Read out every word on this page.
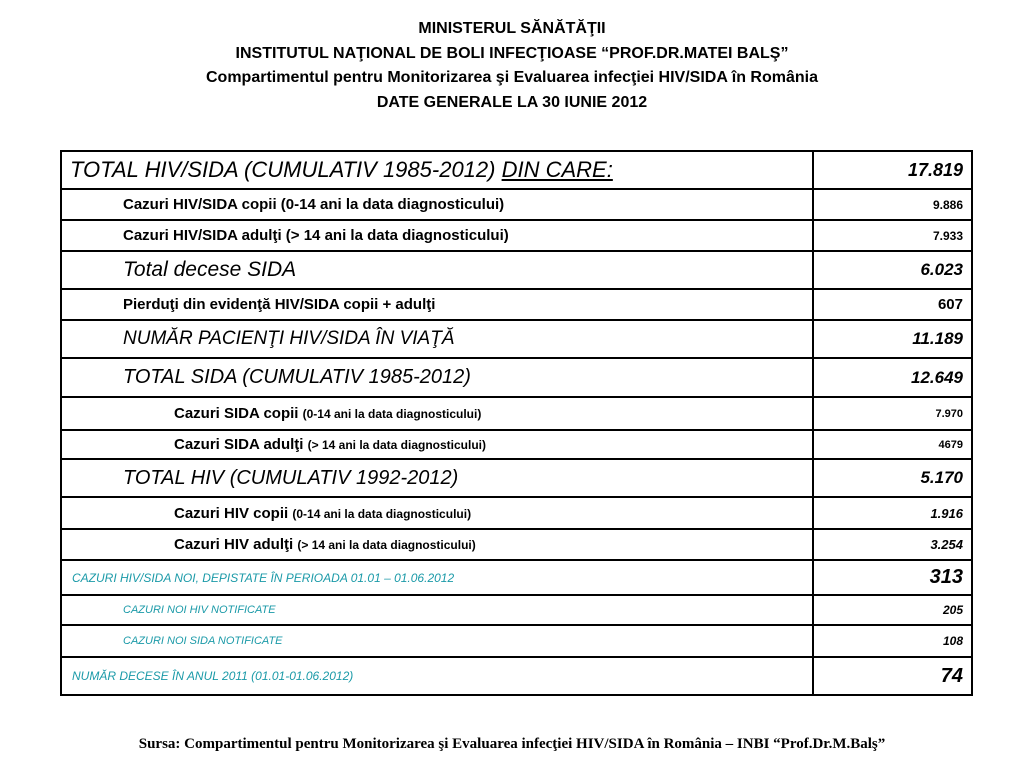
MINISTERUL SĂNĂTĂŢII
INSTITUTUL NAŢIONAL DE BOLI INFECŢIOASE “PROF.DR.MATEI BALŞ”
Compartimentul pentru Monitorizarea şi Evaluarea infecţiei HIV/SIDA în România
DATE GENERALE LA 30 IUNIE 2012
TOTAL HIV/SIDA (CUMULATIV 1985-2012) DIN CARE:	17.819
Cazuri HIV/SIDA copii (0-14 ani la data diagnosticului)	9.886
Cazuri HIV/SIDA adulţi (> 14 ani la data diagnosticului)	7.933
Total decese SIDA	6.023
Pierduţi din evidenţă HIV/SIDA copii + adulţi	607
NUMĂR PACIENŢI HIV/SIDA ÎN VIAŢĂ	11.189
TOTAL SIDA (CUMULATIV 1985-2012)	12.649
Cazuri SIDA copii (0-14 ani la data diagnosticului)	7.970
Cazuri SIDA adulţi (> 14 ani la data diagnosticului)	4679
TOTAL HIV (CUMULATIV 1992-2012)	5.170
Cazuri HIV copii (0-14 ani la data diagnosticului)	1.916
Cazuri HIV adulţi (> 14 ani la data diagnosticului)	3.254
CAZURI HIV/SIDA NOI, DEPISTATE ÎN PERIOADA 01.01 – 01.06.2012	313
CAZURI NOI HIV NOTIFICATE	205
CAZURI NOI SIDA NOTIFICATE	108
NUMĂR DECESE ÎN ANUL 2011 (01.01-01.06.2012)	74
Sursa: Compartimentul pentru Monitorizarea şi Evaluarea infecţiei HIV/SIDA în România – INBI “Prof.Dr.M.Balş”
